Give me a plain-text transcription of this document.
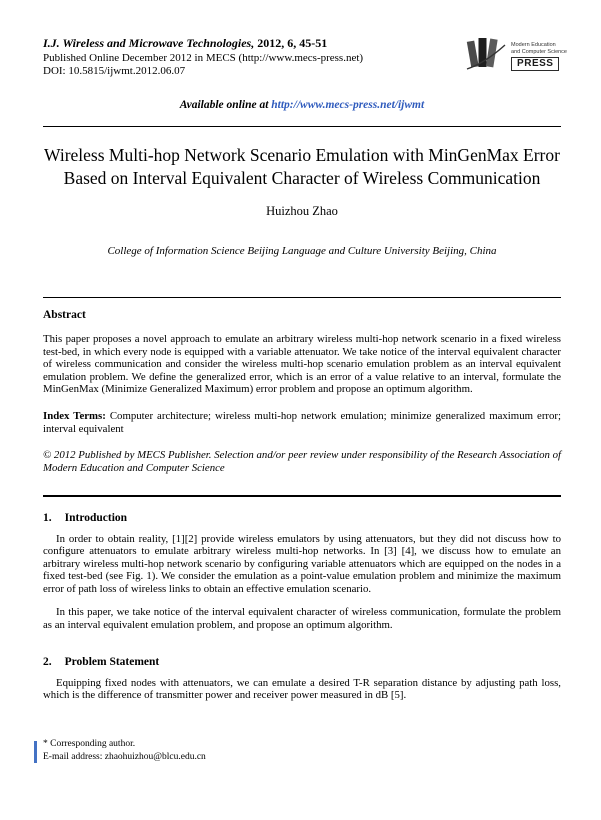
Modern Education
and Computer Science
PRESS
I.J. Wireless and Microwave Technologies, 2012, 6, 45-51
Published Online December 2012 in MECS (http://www.mecs-press.net)
DOI: 10.5815/ijwmt.2012.06.07
Available online at http://www.mecs-press.net/ijwmt
Wireless Multi-hop Network Scenario Emulation with MinGenMax Error Based on Interval Equivalent Character of Wireless Communication
Huizhou Zhao
College of Information Science Beijing Language and Culture University Beijing, China
Abstract

This paper proposes a novel approach to emulate an arbitrary wireless multi-hop network scenario in a fixed wireless test-bed, in which every node is equipped with a variable attenuator. We take notice of the interval equivalent character of wireless communication and consider the wireless multi-hop scenario emulation problem as an interval equivalent emulation problem. We define the generalized error, which is an error of a value relative to an interval, formulate the MinGenMax (Minimize Generalized Maximum) error problem and propose an optimum algorithm.

Index Terms: Computer architecture; wireless multi-hop network emulation; minimize generalized maximum error; interval equivalent

© 2012 Published by MECS Publisher. Selection and/or peer review under responsibility of the Research Association of Modern Education and Computer Science

1. Introduction

In order to obtain reality, [1][2] provide wireless emulators by using attenuators, but they did not discuss how to configure attenuators to emulate arbitrary wireless multi-hop networks. In [3] [4], we discuss how to emulate an arbitrary wireless multi-hop network scenario by configuring variable attenuators which are equipped on the nodes in a fixed test-bed (see Fig. 1). We consider the emulation as a point-value emulation problem and minimize the maximum error of path loss of wireless links to obtain an effective emulation scenario.

In this paper, we take notice of the interval equivalent character of wireless communication, formulate the problem as an interval equivalent emulation problem, and propose an optimum algorithm.

2. Problem Statement

Equipping fixed nodes with attenuators, we can emulate a desired T-R separation distance by adjusting path loss, which is the difference of transmitter power and receiver power measured in dB [5].

* Corresponding author.
E-mail address: zhaohuizhou@blcu.edu.cn
